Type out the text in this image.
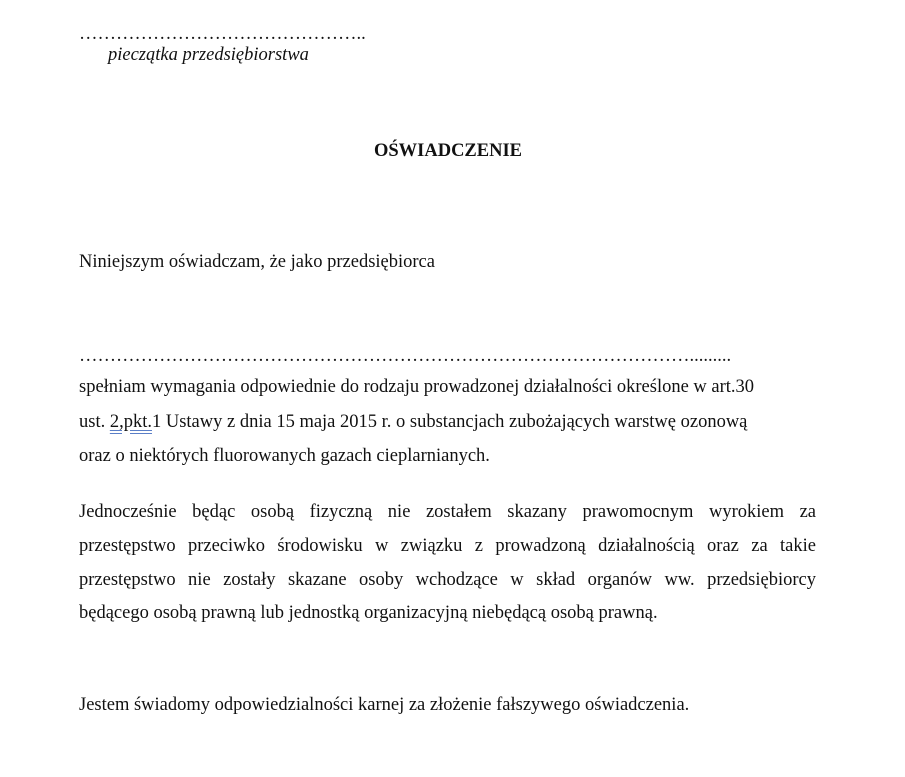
………………………………………..
pieczątka przedsiębiorstwa
OŚWIADCZENIE
Niniejszym oświadczam, że jako przedsiębiorca
……………………………………………………………………………………….........
spełniam wymagania odpowiednie do rodzaju prowadzonej działalności określone w art.30
ust. 2,pkt.1 Ustawy z dnia 15 maja 2015 r. o substancjach zubożających warstwę ozonową
oraz o niektórych fluorowanych gazach cieplarnianych.
Jednocześnie będąc osobą fizyczną nie zostałem skazany prawomocnym wyrokiem za
przestępstwo przeciwko środowisku w związku z prowadzoną działalnością oraz za takie
przestępstwo nie zostały skazane osoby wchodzące w skład organów ww. przedsiębiorcy
będącego osobą prawną lub jednostką organizacyjną niebędącą osobą prawną.
Jestem świadomy odpowiedzialności karnej za złożenie fałszywego oświadczenia.
